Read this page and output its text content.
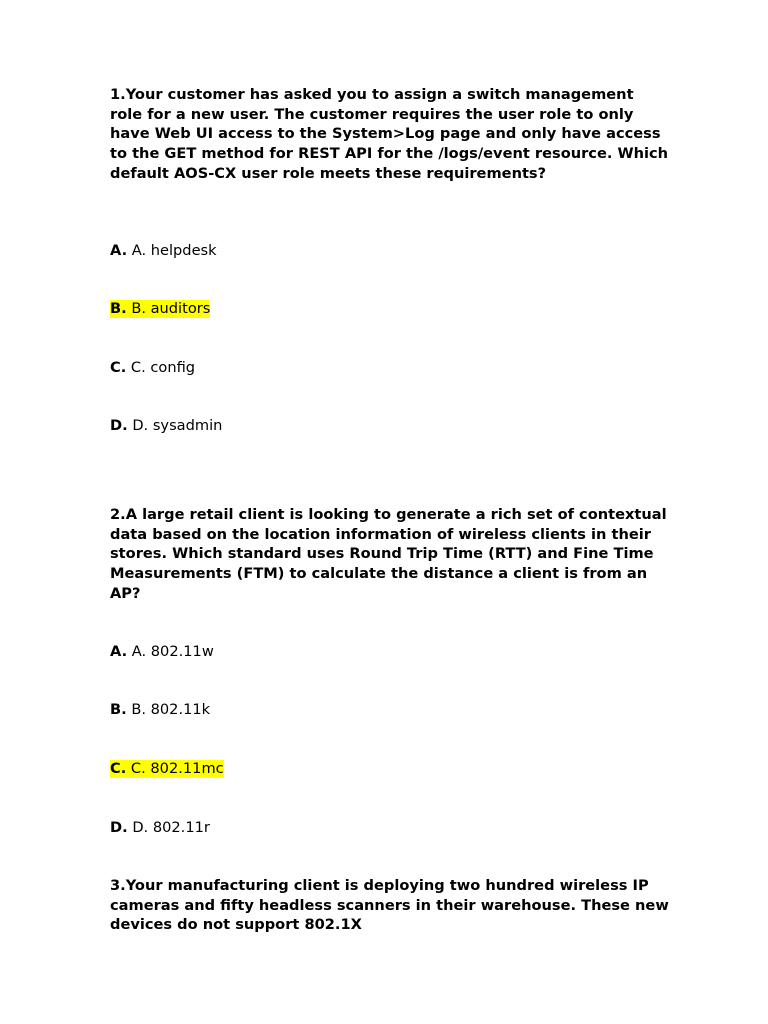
1.Your customer has asked you to assign a switch management role for a new user. The customer requires the user role to only have Web UI access to the System>Log page and only have access to the GET method for REST API for the /logs/event resource. Which default AOS-CX user role meets these requirements?

A. A. helpdesk
B. B. auditors
C. C. config
D. D. sysadmin

2.A large retail client is looking to generate a rich set of contextual data based on the location information of wireless clients in their stores. Which standard uses Round Trip Time (RTT) and Fine Time Measurements (FTM) to calculate the distance a client is from an AP?

A. A. 802.11w
B. B. 802.11k
C. C. 802.11mc
D. D. 802.11r

3.Your manufacturing client is deploying two hundred wireless IP cameras and fifty headless scanners in their warehouse. These new devices do not support 802.1X
